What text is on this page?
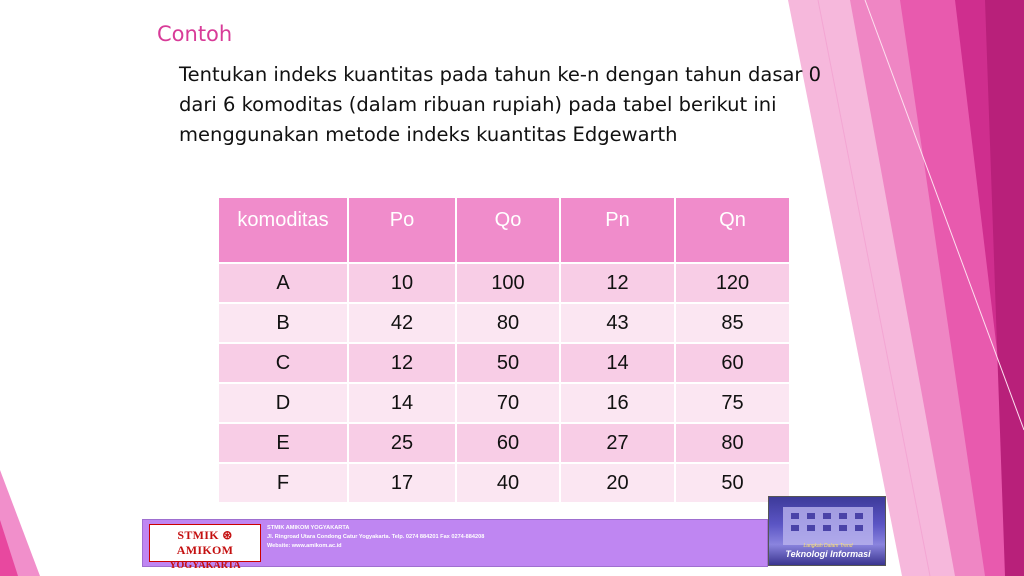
Contoh
Tentukan indeks kuantitas pada tahun ke-n dengan tahun dasar 0 dari 6 komoditas (dalam ribuan rupiah) pada tabel berikut ini menggunakan metode indeks kuantitas Edgewarth
komoditas	Po	Qo	Pn	Qn
A	10	100	12	120
B	42	80	43	85
C	12	50	14	60
D	14	70	16	75
E	25	60	27	80
F	17	40	20	50
STMIK ⊛ AMIKOM
YOGYAKARTA
STMIK AMIKOM YOGYAKARTA
Jl. Ringroad Utara Condong Catur Yogyakarta. Telp. 0274 884201 Fax 0274-884208
Website: www.amikom.ac.id	Langkah Dalam Trend
Teknologi Informasi
